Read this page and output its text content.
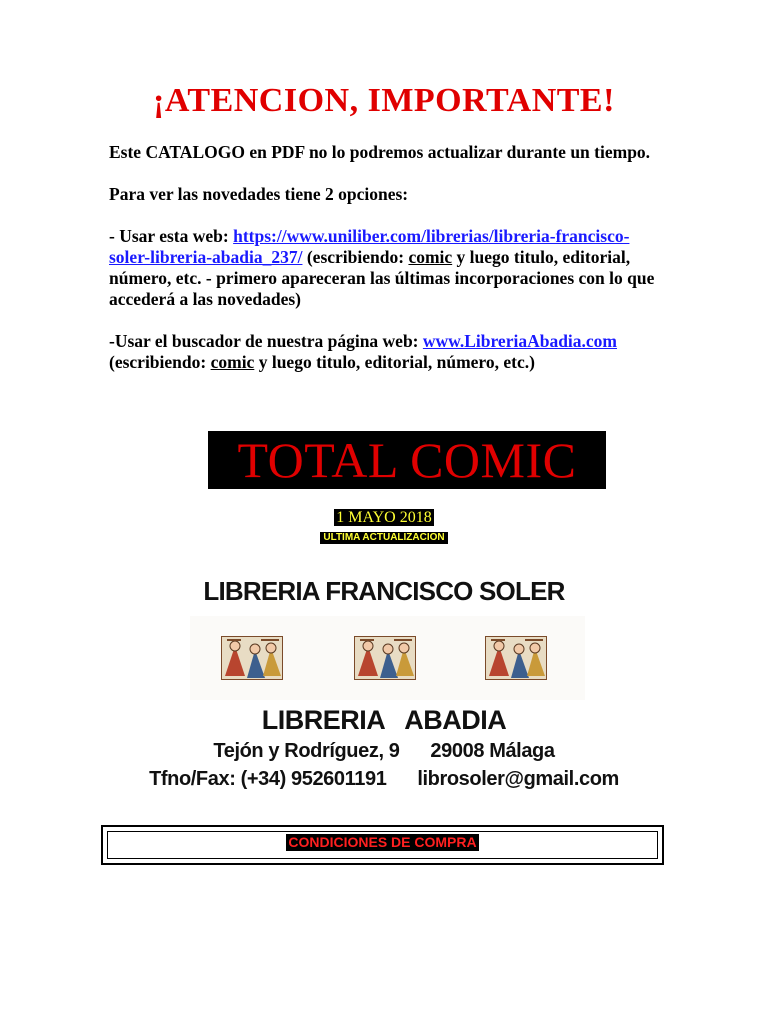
¡ATENCION, IMPORTANTE!

Este CATALOGO en PDF no lo podremos actualizar durante un tiempo.

Para ver las novedades tiene 2 opciones:

- Usar esta web: https://www.uniliber.com/librerias/libreria-francisco-soler-libreria-abadia_237/ (escribiendo: comic y luego titulo, editorial, número, etc. - primero apareceran las últimas incorporaciones con lo que accederá a las novedades)

-Usar el buscador de nuestra página web: www.LibreriaAbadia.com (escribiendo: comic y luego titulo, editorial, número, etc.)

TOTAL COMIC
1 MAYO 2018
ULTIMA ACTUALIZACION
LIBRERIA FRANCISCO SOLER
LIBRERIA   ABADIA
Tejón y Rodríguez, 9      29008 Málaga
Tfno/Fax: (+34) 952601191      librosoler@gmail.com
CONDICIONES DE COMPRA
